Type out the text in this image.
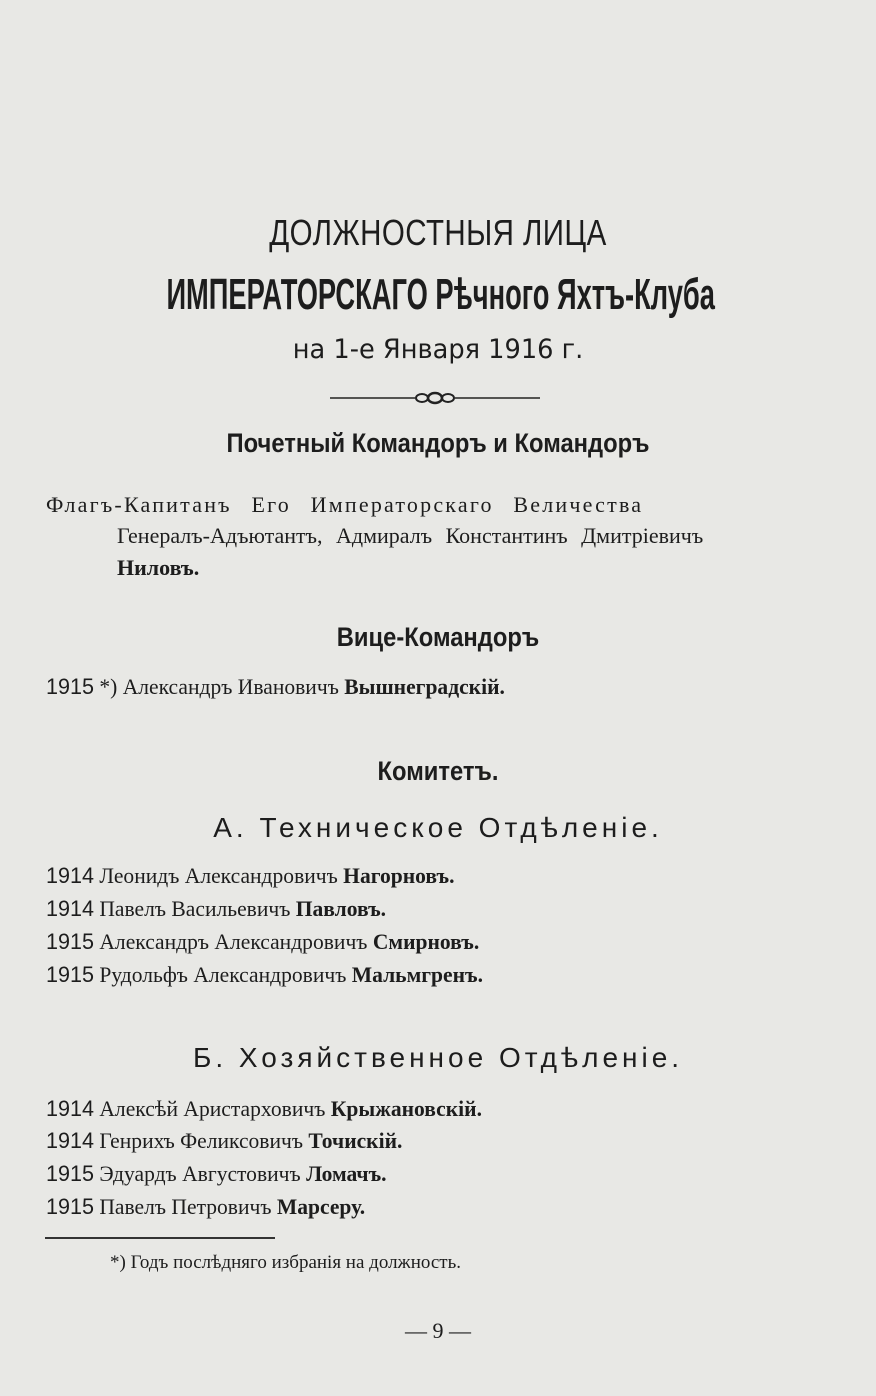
ДОЛЖНОСТНЫЯ ЛИЦА
ИМПЕРАТОРСКАГО Рѣчного Яхтъ-Клуба
на 1-е Января 1916 г.
Почетный Командоръ и Командоръ
Флагъ-Капитанъ Его Императорскаго Величества
Генералъ-Адъютантъ, Адмиралъ Константинъ Дмитріевичъ
Ниловъ.
Вице-Командоръ
1915 *) Александръ Ивановичъ Вышнеградскій.
Комитетъ.
А. Техническое Отдѣленіе.
1914 Леонидъ Александровичъ Нагорновъ.
1914 Павелъ Васильевичъ Павловъ.
1915 Александръ Александровичъ Смирновъ.
1915 Рудольфъ Александровичъ Мальмгренъ.
Б. Хозяйственное Отдѣленіе.
1914 Алексѣй Аристарховичъ Крыжановскій.
1914 Генрихъ Феликсовичъ Точискій.
1915 Эдуардъ Августовичъ Ломачъ.
1915 Павелъ Петровичъ Марсеру.
*) Годъ послѣдняго избранія на должность.
— 9 —
